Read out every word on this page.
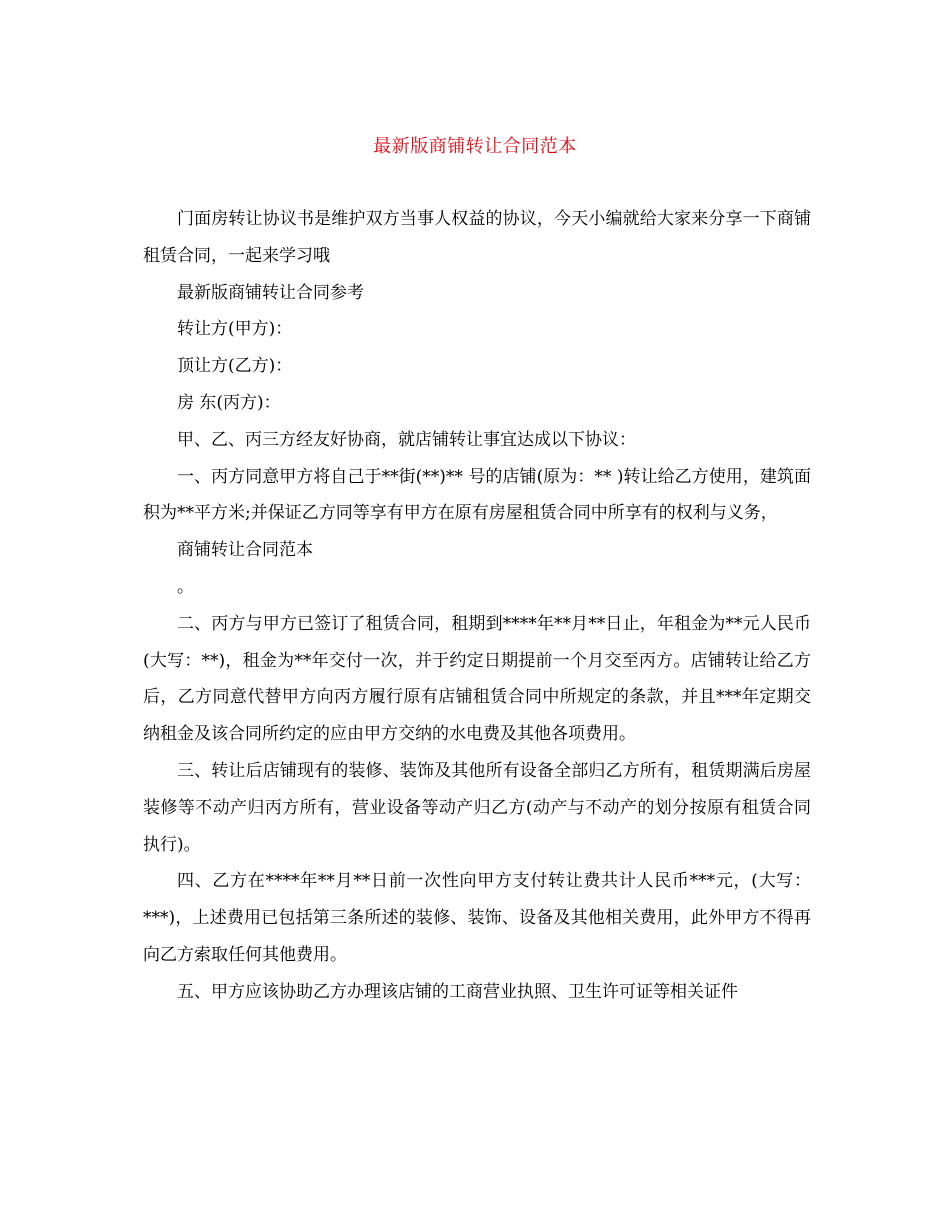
最新版商铺转让合同范本

门面房转让协议书是维护双方当事人权益的协议，今天小编就给大家来分享一下商铺租赁合同，一起来学习哦

最新版商铺转让合同参考

转让方(甲方)：

顶让方(乙方)：

房 东(丙方)：

甲、乙、丙三方经友好协商，就店铺转让事宜达成以下协议：

一、丙方同意甲方将自己于**街(**)** 号的店铺(原为：** )转让给乙方使用，建筑面积为**平方米;并保证乙方同等享有甲方在原有房屋租赁合同中所享有的权利与义务，

商铺转让合同范本

。

二、丙方与甲方已签订了租赁合同，租期到****年**月**日止，年租金为**元人民币(大写：**)，租金为**年交付一次，并于约定日期提前一个月交至丙方。店铺转让给乙方后，乙方同意代替甲方向丙方履行原有店铺租赁合同中所规定的条款，并且***年定期交纳租金及该合同所约定的应由甲方交纳的水电费及其他各项费用。

三、转让后店铺现有的装修、装饰及其他所有设备全部归乙方所有，租赁期满后房屋装修等不动产归丙方所有，营业设备等动产归乙方(动产与不动产的划分按原有租赁合同执行)。

四、乙方在****年**月**日前一次性向甲方支付转让费共计人民币***元，(大写：***)，上述费用已包括第三条所述的装修、装饰、设备及其他相关费用，此外甲方不得再向乙方索取任何其他费用。

五、甲方应该协助乙方办理该店铺的工商营业执照、卫生许可证等相关证件
